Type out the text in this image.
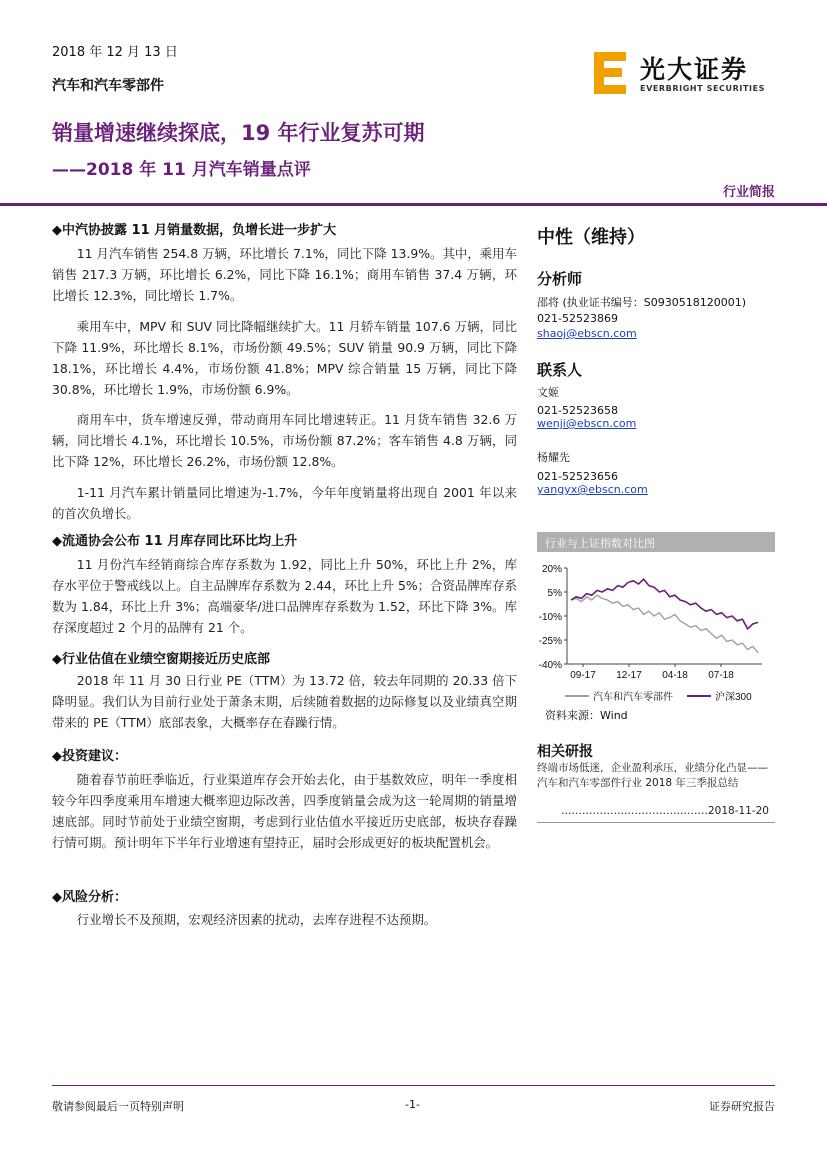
2018 年 12 月 13 日
汽车和汽车零部件
销量增速继续探底，19 年行业复苏可期
——2018 年 11 月汽车销量点评
行业简报
光大证券
EVERBRIGHT SECURITIES
◆中汽协披露 11 月销量数据，负增长进一步扩大
11 月汽车销售 254.8 万辆，环比增长 7.1%，同比下降 13.9%。其中，乘用车销售 217.3 万辆，环比增长 6.2%，同比下降 16.1%；商用车销售 37.4 万辆，环比增长 12.3%，同比增长 1.7%。
乘用车中，MPV 和 SUV 同比降幅继续扩大。11 月轿车销量 107.6 万辆，同比下降 11.9%，环比增长 8.1%，市场份额 49.5%；SUV 销量 90.9 万辆，同比下降 18.1%，环比增长 4.4%，市场份额 41.8%；MPV 综合销量 15 万辆，同比下降 30.8%，环比增长 1.9%，市场份额 6.9%。
商用车中，货车增速反弹，带动商用车同比增速转正。11 月货车销售 32.6 万辆，同比增长 4.1%，环比增长 10.5%，市场份额 87.2%；客车销售 4.8 万辆，同比下降 12%，环比增长 26.2%，市场份额 12.8%。
1-11 月汽车累计销量同比增速为-1.7%，今年年度销量将出现自 2001 年以来的首次负增长。
◆流通协会公布 11 月库存同比环比均上升
11 月份汽车经销商综合库存系数为 1.92，同比上升 50%，环比上升 2%，库存水平位于警戒线以上。自主品牌库存系数为 2.44，环比上升 5%；合资品牌库存系数为 1.84，环比上升 3%；高端豪华/进口品牌库存系数为 1.52，环比下降 3%。库存深度超过 2 个月的品牌有 21 个。
◆行业估值在业绩空窗期接近历史底部
2018 年 11 月 30 日行业 PE（TTM）为 13.72 倍，较去年同期的 20.33 倍下降明显。我们认为目前行业处于萧条末期，后续随着数据的边际修复以及业绩真空期带来的 PE（TTM）底部表象，大概率存在春躁行情。
◆投资建议：
随着春节前旺季临近，行业渠道库存会开始去化，由于基数效应，明年一季度相较今年四季度乘用车增速大概率迎边际改善，四季度销量会成为这一轮周期的销量增速底部。同时节前处于业绩空窗期，考虑到行业估值水平接近历史底部，板块存春躁行情可期。预计明年下半年行业增速有望持正，届时会形成更好的板块配置机会。
◆风险分析：
行业增长不及预期，宏观经济因素的扰动，去库存进程不达预期。
中性（维持）
分析师
邵将 (执业证书编号：S0930518120001)
021-52523869
shaoj@ebscn.com
联系人
文姬
021-52523658
wenji@ebscn.com
杨耀先
021-52523656
yangyx@ebscn.com
行业与上证指数对比图
20%
5%
-10%
-25%
-40%
09-17 12-17 04-18 07-18
汽车和汽车零部件	沪深300
资料来源：Wind
相关研报
终端市场低迷，企业盈利承压，业绩分化凸显——汽车和汽车零部件行业 2018 年三季报总结
……………………………………2018-11-20
敬请参阅最后一页特别声明	-1-	证券研究报告
